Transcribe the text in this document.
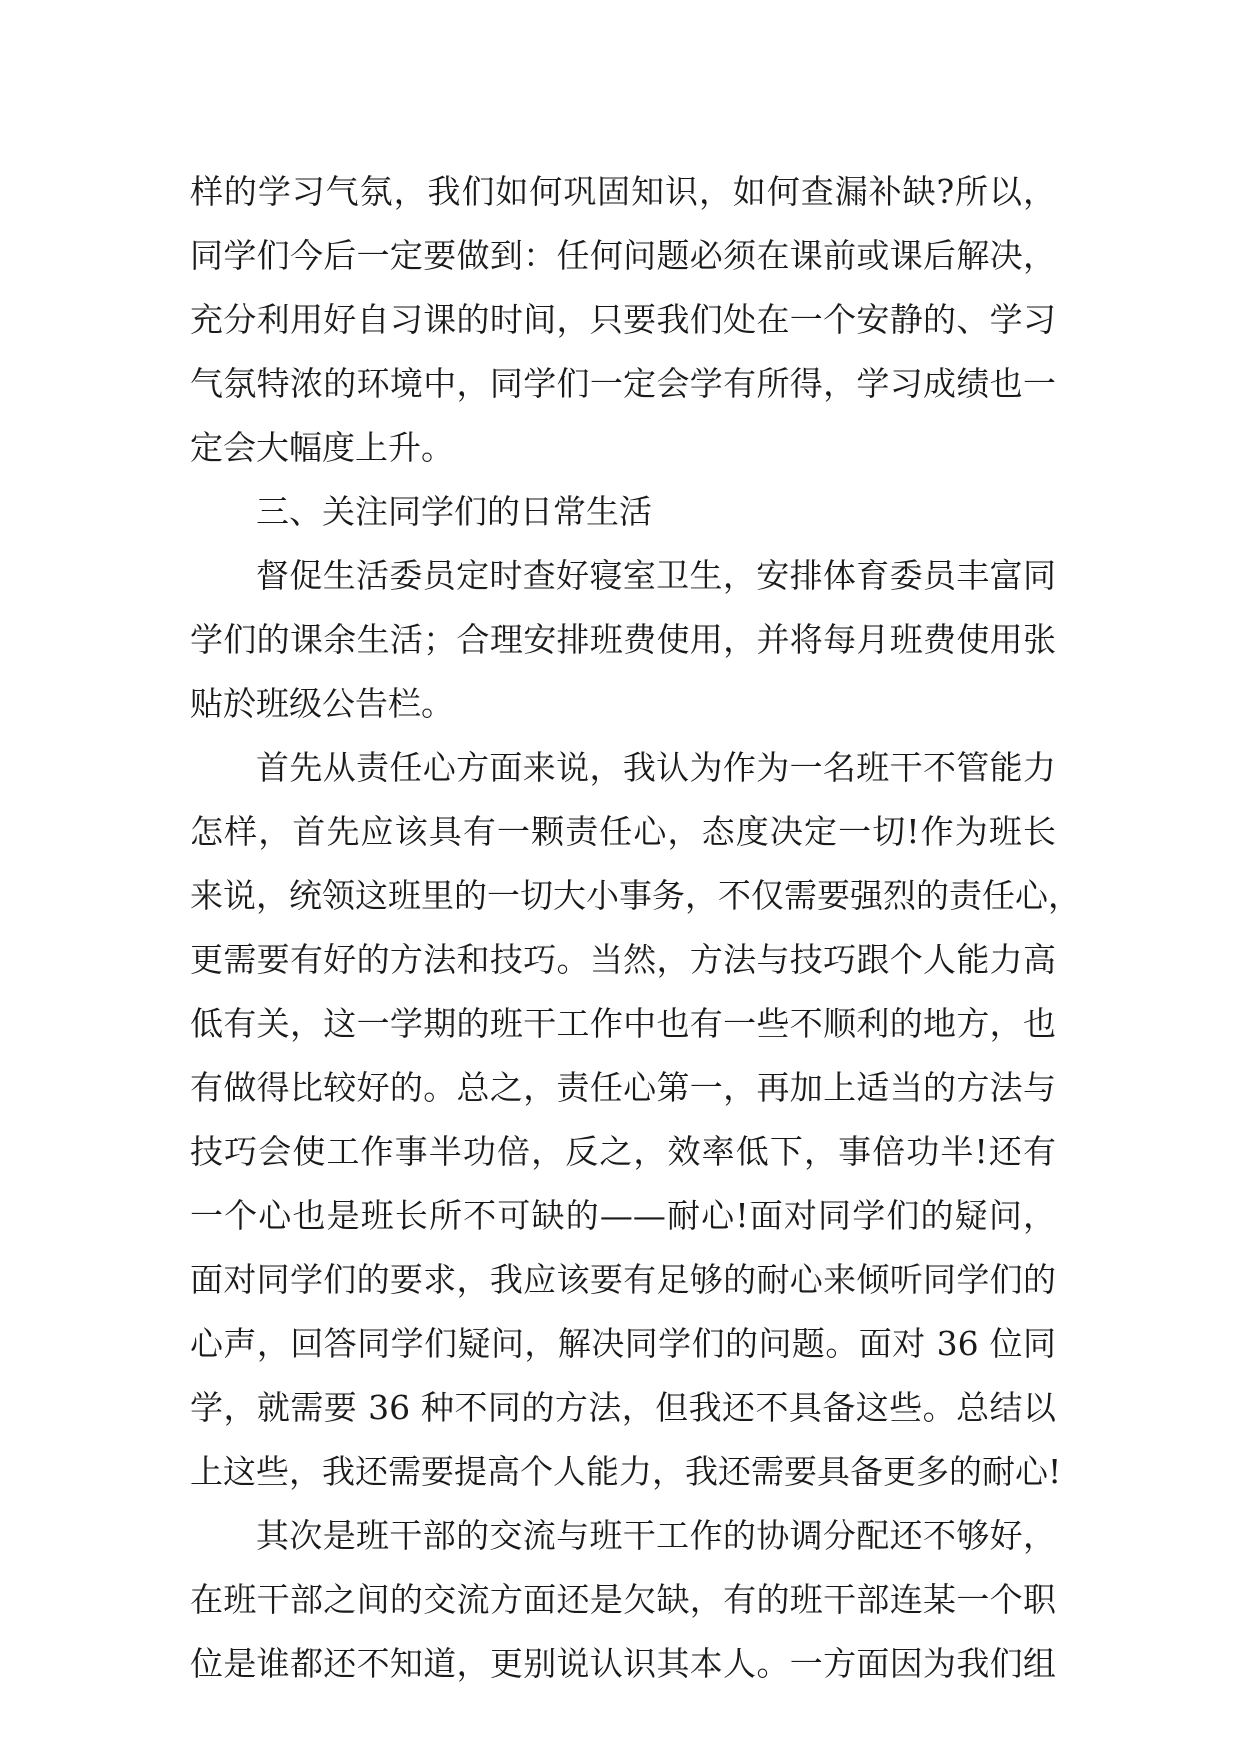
样的学习气氛，我们如何巩固知识，如何查漏补缺?所以，
同学们今后一定要做到：任何问题必须在课前或课后解决，
充分利用好自习课的时间，只要我们处在一个安静的、学习
气氛特浓的环境中，同学们一定会学有所得，学习成绩也一
定会大幅度上升。
三、关注同学们的日常生活
督促生活委员定时查好寝室卫生，安排体育委员丰富同
学们的课余生活；合理安排班费使用，并将每月班费使用张
贴於班级公告栏。
首先从责任心方面来说，我认为作为一名班干不管能力
怎样，首先应该具有一颗责任心，态度决定一切!作为班长
来说，统领这班里的一切大小事务，不仅需要强烈的责任心，
更需要有好的方法和技巧。当然，方法与技巧跟个人能力高
低有关，这一学期的班干工作中也有一些不顺利的地方，也
有做得比较好的。总之，责任心第一，再加上适当的方法与
技巧会使工作事半功倍，反之，效率低下，事倍功半!还有
一个心也是班长所不可缺的——耐心!面对同学们的疑问，
面对同学们的要求，我应该要有足够的耐心来倾听同学们的
心声，回答同学们疑问，解决同学们的问题。面对 36 位同
学，就需要 36 种不同的方法，但我还不具备这些。总结以
上这些，我还需要提高个人能力，我还需要具备更多的耐心!
其次是班干部的交流与班干工作的协调分配还不够好，
在班干部之间的交流方面还是欠缺，有的班干部连某一个职
位是谁都还不知道，更别说认识其本人。一方面因为我们组
